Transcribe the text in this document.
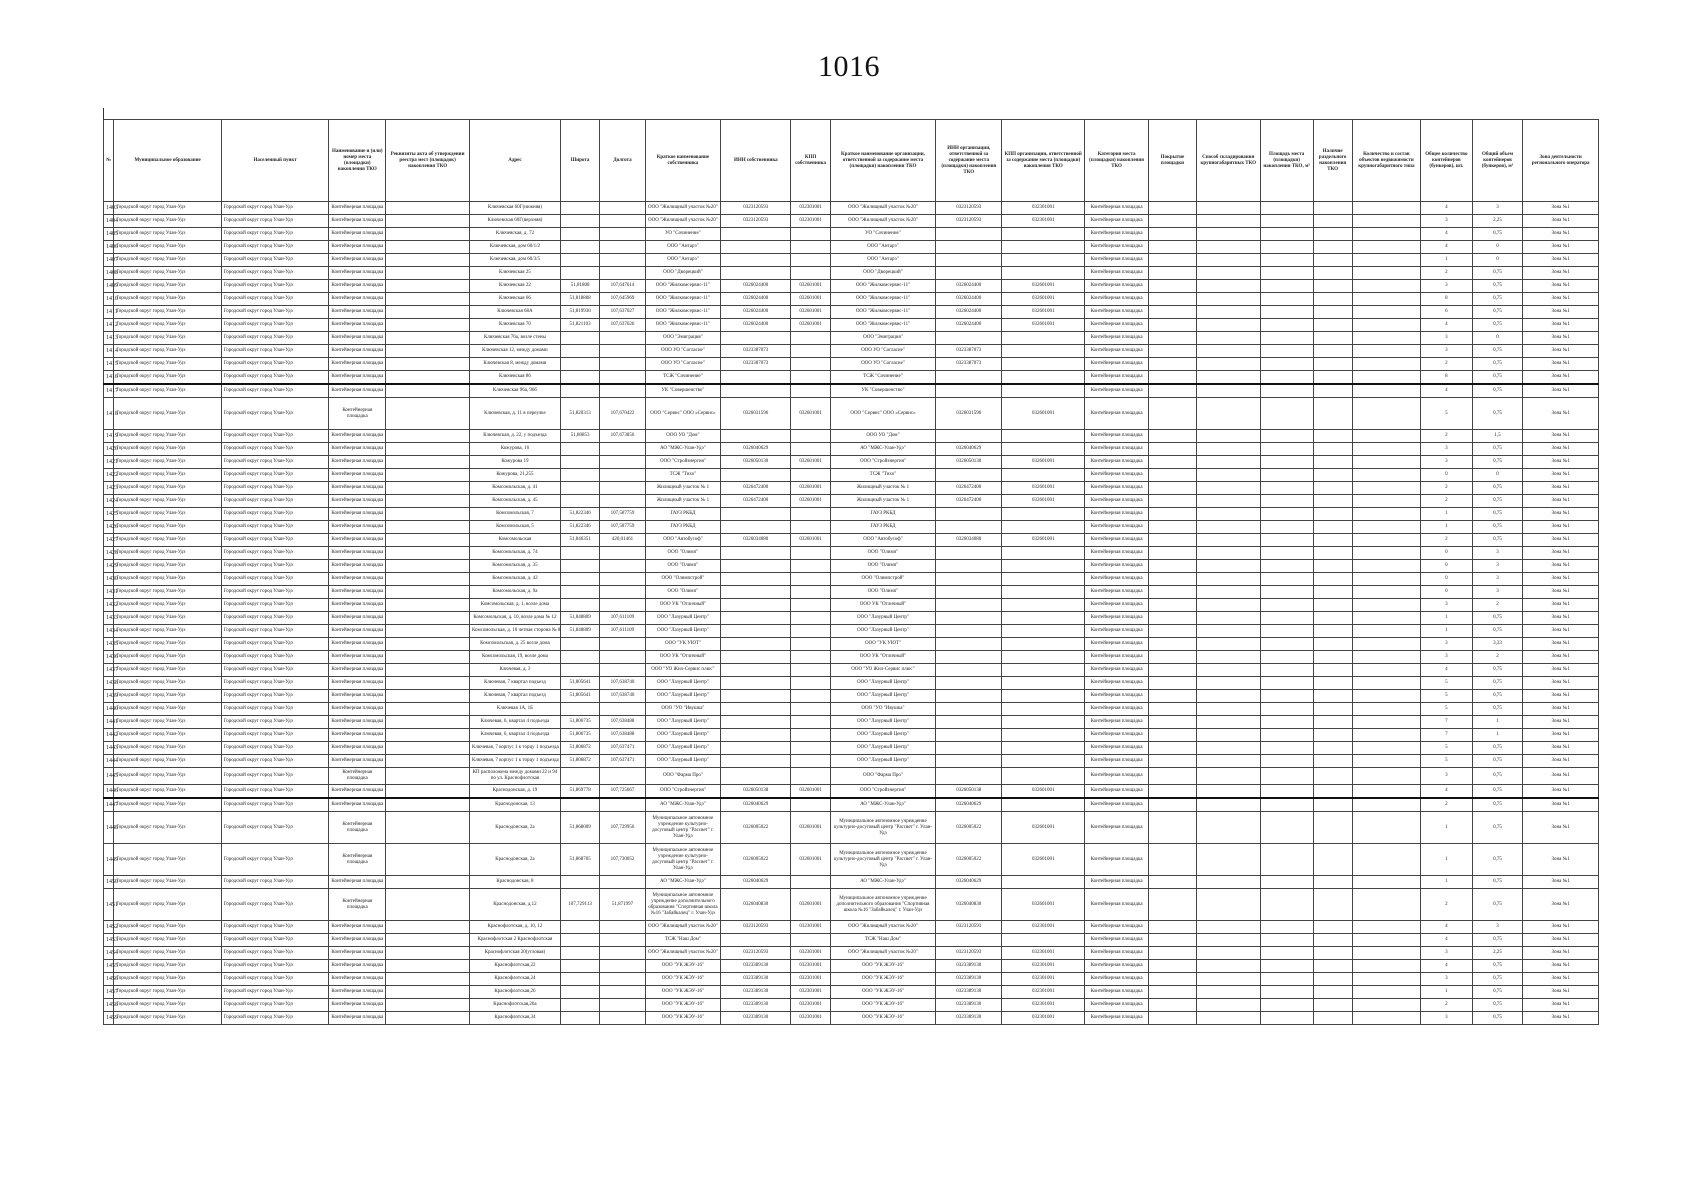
1016
№	Муниципальное образование	Населенный пункт	Наименование и (или) номер места (площадки) накопления ТКО	Реквизиты акта об утверждении реестра мест (площадок) накопления ТКО	Адрес	Широта	Долгота	Краткое наименование собственника	ИНН собственника	КПП собственника	Краткое наименование организации, ответственной за содержание места (площадки) накопления ТКО	ИНН организации, ответственной за содержание места (площадки) накопления ТКО	КПП организации, ответственной за содержание места (площадки) накопления ТКО	Категория места (площадки) накопления ТКО	Покрытие площадки	Способ складирования крупногабаритных ТКО	Площадь места (площадки) накопления ТКО, м²	Наличие раздельного накопления ТКО	Количество и состав объектов недвижимости крупногабаритного типа	Общее количество контейнеров (бункеров), шт.	Общий объем контейнеров (бункеров), м³	Зона деятельности регионального оператора
1403	Городской округ город Улан-Удэ	Городской округ город Улан-Удэ	Контейнерная площадка		Ключевская 60Г(нижняя)			ООО "Жилищный участок №20"	0323120593	032301001	ООО "Жилищный участок №20"	0323120593	032301001	Контейнерная площадка						4	3	Зона №1
1404	Городской округ город Улан-Удэ	Городской округ город Улан-Удэ	Контейнерная площадка		Ключевская 60Г(верхняя)			ООО "Жилищный участок №20"	0323120593	032301001	ООО "Жилищный участок №20"	0323120593	032301001	Контейнерная площадка						3	2,25	Зона №1
1405	Городской округ город Улан-Удэ	Городской округ город Улан-Удэ	Контейнерная площадка		Ключевская, д. 72			УО "Сочинение"			УО "Сочинение"			Контейнерная площадка						4	0,75	Зона №1
1406	Городской округ город Улан-Удэ	Городской округ город Улан-Удэ	Контейнерная площадка		Ключевская, дом 60/1/2			ООО "Антарэ"			ООО "Антарэ"			Контейнерная площадка						4	0	Зона №1
1407	Городской округ город Улан-Удэ	Городской округ город Улан-Удэ	Контейнерная площадка		Ключевская, дом 60/3/5			ООО "Антарэ"			ООО "Антарэ"			Контейнерная площадка						1	0	Зона №1
1408	Городской округ город Улан-Удэ	Городской округ город Улан-Удэ	Контейнерная площадка		Ключевская 25			ООО "Дворецкий"			ООО "Дворецкий"			Контейнерная площадка						2	0,75	Зона №1
1409	Городской округ город Улан-Удэ	Городской округ город Улан-Удэ	Контейнерная площадка		Ключевская 22	51,81808	107,647614	ООО "Жилкомсервис-11"	0326024400	032601001	ООО "Жилкомсервис-11"	0326024400	032601001	Контейнерная площадка						3	0,75	Зона №1
1410	Городской округ город Улан-Удэ	Городской округ город Улан-Удэ	Контейнерная площадка		Ключевская 66	51,818808	107,645969	ООО "Жилкомсервис-11"	0326024400	032601001	ООО "Жилкомсервис-11"	0326024400	032601001	Контейнерная площадка						8	0,75	Зона №1
1411	Городской округ город Улан-Удэ	Городской округ город Улан-Удэ	Контейнерная площадка		Ключевская 68А	51,819930	107,637027	ООО "Жилкомсервис-11"	0326024400	032601001	ООО "Жилкомсервис-11"	0326024400	032601001	Контейнерная площадка						6	0,75	Зона №1
1412	Городской округ город Улан-Удэ	Городской округ город Улан-Удэ	Контейнерная площадка		Ключевская 70	51,821103	107,637626	ООО "Жилкомсервис-11"	0326024400	032601001	ООО "Жилкомсервис-11"	0326024400	032601001	Контейнерная площадка						4	0,75	Зона №1
1413	Городской округ город Улан-Удэ	Городской округ город Улан-Удэ	Контейнерная площадка		Ключевская 76а, возле стены			ООО "Эмиграция"			ООО "Эмиграция"			Контейнерная площадка						3	0	Зона №1
1414	Городской округ город Улан-Удэ	Городской округ город Улан-Удэ	Контейнерная площадка		Ключевская 12, между домами			ООО УО "Согласие"	0323387073		ООО УО "Согласие"	0323387073		Контейнерная площадка						3	0,75	Зона №1
1415	Городской округ город Улан-Удэ	Городской округ город Улан-Удэ	Контейнерная площадка		Ключевская 8, между домами			ООО УО "Согласие"	0323387073		ООО УО "Согласие"	0323387073		Контейнерная площадка						2	0,75	Зона №1
1416	Городской округ город Улан-Удэ	Городской округ город Улан-Удэ	Контейнерная площадка		Ключевская 86			ТСЖ "Сочинение"			ТСЖ "Сочинение"			Контейнерная площадка						8	0,75	Зона №1
1417	Городской округ город Улан-Удэ	Городской округ город Улан-Удэ	Контейнерная площадка		Ключевская 96а, 96б			УК "Совершенство"			УК "Совершенство"			Контейнерная площадка						4	0,75	Зона №1
1418	Городской округ город Улан-Удэ	Городской округ город Улан-Удэ	Контейнерная площадка		Ключевская, д. 11 в переулке	51,820313	107,670422	ООО "Сервис" ООО «Сервис»	0326031596	032601001	ООО "Сервис" ООО «Сервис»	0326031596	032601001	Контейнерная площадка						5	0,75	Зона №1
1419	Городской округ город Улан-Удэ	Городской округ город Улан-Удэ	Контейнерная площадка		Ключевская, д. 22, у подъезда	51,80853	107,673856	ООО УО "Дом"			ООО УО "Дом"			Контейнерная площадка						2	1,5	Зона №1
1420	Городской округ город Улан-Удэ	Городской округ город Улан-Удэ	Контейнерная площадка		Кожурова, 16			АО "МЖС-Улан-Удэ"	0326040629		АО "МЖС-Улан-Удэ"	0326040629		Контейнерная площадка						3	0,75	Зона №1
1421	Городской округ город Улан-Удэ	Городской округ город Улан-Удэ	Контейнерная площадка		Кожурова 19			ООО "Стройэнергия"	0326050130	032601001	ООО "Стройэнергия"	0326050130	032601001	Контейнерная площадка						3	0,75	Зона №1
1422	Городской округ город Улан-Удэ	Городской округ город Улан-Удэ	Контейнерная площадка		Кожурова, 21,255			ТСЖ "Тихо"			ТСЖ "Тихо"			Контейнерная площадка						0	0	Зона №1
1423	Городской округ город Улан-Удэ	Городской округ город Улан-Удэ	Контейнерная площадка		Комсомольская, д. 41			Жилищный участок № 1	0326472400	032601001	Жилищный участок № 1	0326472400	032601001	Контейнерная площадка						2	0,75	Зона №1
1424	Городской округ город Улан-Удэ	Городской округ город Улан-Удэ	Контейнерная площадка		Комсомольская, д. 45			Жилищный участок № 1	0326472400	032601001	Жилищный участок № 1	0326472400	032601001	Контейнерная площадка						2	0,75	Зона №1
1425	Городской округ город Улан-Удэ	Городской округ город Улан-Удэ	Контейнерная площадка		Комсомольская, 7	51,822346	107,587759	ГАУЗ РКБД			ГАУЗ РКБД			Контейнерная площадка						1	0,75	Зона №1
1426	Городской округ город Улан-Удэ	Городской округ город Улан-Удэ	Контейнерная площадка		Комсомольская, 5	51,822346	107,587759	ГАУЗ РКБД			ГАУЗ РКБД			Контейнерная площадка						1	0,75	Зона №1
1427	Городской округ город Улан-Удэ	Городской округ город Улан-Удэ	Контейнерная площадка		Комсомольская	51,846351	420,01461	ООО "Автобусоф"	0326034080	032601001	ООО "Автобусоф"	0326034080	032601001	Контейнерная площадка						2	0,75	Зона №1
1428	Городской округ город Улан-Удэ	Городской округ город Улан-Удэ	Контейнерная площадка		Комсомольская, д. 74			ООО "Олимп"			ООО "Олимп"			Контейнерная площадка						0	3	Зона №1
1429	Городской округ город Улан-Удэ	Городской округ город Улан-Удэ	Контейнерная площадка		Комсомольская, д. 35			ООО "Олимп"			ООО "Олимп"			Контейнерная площадка						0	3	Зона №1
1430	Городской округ город Улан-Удэ	Городской округ город Улан-Удэ	Контейнерная площадка		Комсомольская, д. 42			ООО "Олимпстрой"			ООО "Олимпстрой"			Контейнерная площадка						0	3	Зона №1
1431	Городской округ город Улан-Удэ	Городской округ город Улан-Удэ	Контейнерная площадка		Комсомольская, д. 9а			ООО "Олимп"			ООО "Олимп"			Контейнерная площадка						0	3	Зона №1
1432	Городской округ город Улан-Удэ	Городской округ город Улан-Удэ	Контейнерная площадка		Комсомольская, д. 1, возле дома			ООО УК "Отличный"			ООО УК "Отличный"			Контейнерная площадка						3	2	Зона №1
1433	Городской округ город Улан-Удэ	Городской округ город Улан-Удэ	Контейнерная площадка		Комсомольская, д. 10, возле дома № 12	51,848809	107,611109	ООО "Лазурный Центр"			ООО "Лазурный Центр"			Контейнерная площадка						1	0,75	Зона №1
1434	Городской округ город Улан-Удэ	Городской округ город Улан-Удэ	Контейнерная площадка		Комсомольская, д. 10 четная сторона № 8	51,848809	107,611109	ООО "Лазурный Центр"			ООО "Лазурный Центр"			Контейнерная площадка						1	0,75	Зона №1
1435	Городской округ город Улан-Удэ	Городской округ город Улан-Удэ	Контейнерная площадка		Комсомольская, д. 25 возле дома			ООО "УК УЮТ"			ООО "УК УЮТ"			Контейнерная площадка						3	3,33	Зона №1
1436	Городской округ город Улан-Удэ	Городской округ город Улан-Удэ	Контейнерная площадка		Комсомольская, 19, возле дома			ООО УК "Отличный"			ООО УК "Отличный"			Контейнерная площадка						3	2	Зона №1
1437	Городской округ город Улан-Удэ	Городской округ город Улан-Удэ	Контейнерная площадка		Ключевая, д. 3			ООО "УО Жил-Сервис плюс"			ООО "УО Жил-Сервис плюс"			Контейнерная площадка						4	0,75	Зона №1
1438	Городской округ город Улан-Удэ	Городской округ город Улан-Удэ	Контейнерная площадка		Ключевая, 7 квартал подъезд	51,805641	107,638740	ООО "Лазурный Центр"			ООО "Лазурный Центр"			Контейнерная площадка						5	0,75	Зона №1
1439	Городской округ город Улан-Удэ	Городской округ город Улан-Удэ	Контейнерная площадка		Ключевая, 7 квартал подъезд	51,805641	107,638740	ООО "Лазурный Центр"			ООО "Лазурный Центр"			Контейнерная площадка						5	0,75	Зона №1
1440	Городской округ город Улан-Удэ	Городской округ город Улан-Удэ	Контейнерная площадка		Ключевая 1А, 1Б			ООО "УО "Ивушка"			ООО "УО "Ивушка"			Контейнерная площадка						5	0,75	Зона №1
1441	Городской округ город Улан-Удэ	Городской округ город Улан-Удэ	Контейнерная площадка		Ключевая, 6, квартал 4 подъезда	51,806735	107,638488	ООО "Лазурный Центр"			ООО "Лазурный Центр"			Контейнерная площадка						7	1	Зона №1
1442	Городской округ город Улан-Удэ	Городской округ город Улан-Удэ	Контейнерная площадка		Ключевая, 6, квартал 4 подъезда	51,806735	107,638488	ООО "Лазурный Центр"			ООО "Лазурный Центр"			Контейнерная площадка						7	1	Зона №1
1443	Городской округ город Улан-Удэ	Городской округ город Улан-Удэ	Контейнерная площадка		Ключевая, 7 корпус 1 к торцу 1 подъезда	51,806872	107,637471	ООО "Лазурный Центр"			ООО "Лазурный Центр"			Контейнерная площадка						5	0,75	Зона №1
1444	Городской округ город Улан-Удэ	Городской округ город Улан-Удэ	Контейнерная площадка		Ключевая, 7 корпус 1 к торцу 1 подъезда	51,806872	107,637471	ООО "Лазурный Центр"			ООО "Лазурный Центр"			Контейнерная площадка						5	0,75	Зона №1
1445	Городской округ город Улан-Удэ	Городской округ город Улан-Удэ	Контейнерная площадка		КП расположена между домами 22 и 94 по ул. Краснофлотская			ООО "Фарма Про"			ООО "Фарма Про"			Контейнерная площадка						3	0,75	Зона №1
1446	Городской округ город Улан-Удэ	Городской округ город Улан-Удэ	Контейнерная площадка		Краснодонская, д. 19	51,869778	107,725667	ООО "Стройэнергия"	0326050138	032601001	ООО "Стройэнергия"	0326050138	032601001	Контейнерная площадка						4	0,75	Зона №1
1447	Городской округ город Улан-Удэ	Городской округ город Улан-Удэ	Контейнерная площадка		Краснодонская, 13			АО "МЖС-Улан-Удэ"	0326040629		АО "МЖС-Улан-Удэ"	0326040629		Контейнерная площадка						2	0,75	Зона №1
1448	Городской округ город Улан-Удэ	Городской округ город Улан-Удэ	Контейнерная площадка		Краснодонская, 2а	51,868009	107,729956	Муниципальное автономное учреждение культурно-досуговый центр "Рассвет" г. Улан-Удэ	0326005022	032601001	Муниципальное автономное учреждение культурно-досуговый центр "Рассвет" г. Улан-Удэ	0326005022	032601001	Контейнерная площадка						1	0,75	Зона №1
1449	Городской округ город Улан-Удэ	Городской округ город Улан-Удэ	Контейнерная площадка		Краснодонская, 2а	51,868705	107,730052	Муниципальное автономное учреждение культурно-досуговый центр "Рассвет" г. Улан-Удэ	0326005022	032601001	Муниципальное автономное учреждение культурно-досуговый центр "Рассвет" г. Улан-Удэ	0326005022	032601001	Контейнерная площадка						1	0,75	Зона №1
1450	Городской округ город Улан-Удэ	Городской округ город Улан-Удэ	Контейнерная площадка		Краснодонская, 8			АО "МЖС-Улан-Удэ"	0326040629		АО "МЖС-Улан-Удэ"	0326040629		Контейнерная площадка						1	0,75	Зона №1
1451	Городской округ город Улан-Удэ	Городской округ город Улан-Удэ	Контейнерная площадка		Краснодонская, д.12	107,729113	51,871997	Муниципальное автономное учреждение дополнительного образования "Спортивная школа №16 "Забайкалец" г. Улан-Удэ	0326040830	032601001	Муниципальное автономное учреждение дополнительного образования "Спортивная школа №16 "Забайкалец" г. Улан-Удэ	0326040830	032601001	Контейнерная площадка						2	0,75	Зона №1
1452	Городской округ город Улан-Удэ	Городской округ город Улан-Удэ	Контейнерная площадка		Краснофлотская, д. 10, 12			ООО "Жилищный участок №20"	0323120593	032301001	ООО "Жилищный участок №20"	0323120593	032301001	Контейнерная площадка						4	3	Зона №1
1453	Городской округ город Улан-Удэ	Городской округ город Улан-Удэ	Контейнерная площадка		Краснофлотская 2 Краснофлотская			ТСЖ "Наш Дом"			ТСЖ "Наш Дом"			Контейнерная площадка						4	0,75	Зона №1
1454	Городской округ город Улан-Удэ	Городской округ город Улан-Удэ	Контейнерная площадка		Краснофлотская 20(угловая)			ООО "Жилищный участок №20"	0323120593	032301001	ООО "Жилищный участок №20"	0323120593	032301001	Контейнерная площадка						3	2,25	Зона №1
1455	Городской округ город Улан-Удэ	Городской округ город Улан-Удэ	Контейнерная площадка		Краснофлотская,22			ООО "УК ЖЭУ-16"	0323389130	032301001	ООО "УК ЖЭУ-16"	0323389130	032301001	Контейнерная площадка						4	0,75	Зона №1
1456	Городской округ город Улан-Удэ	Городской округ город Улан-Удэ	Контейнерная площадка		Краснофлотская,24			ООО "УК ЖЭУ-16"	0323389130	032301001	ООО "УК ЖЭУ-16"	0323389130	032301001	Контейнерная площадка						3	0,75	Зона №1
1457	Городской округ город Улан-Удэ	Городской округ город Улан-Удэ	Контейнерная площадка		Краснофлотская,26			ООО "УК ЖЭУ-16"	0323389130	032301001	ООО "УК ЖЭУ-16"	0323389130	032301001	Контейнерная площадка						1	0,75	Зона №1
1458	Городской округ город Улан-Удэ	Городской округ город Улан-Удэ	Контейнерная площадка		Краснофлотская,26а			ООО "УК ЖЭУ-16"	0323389130	032301001	ООО "УК ЖЭУ-16"	0323389130	032301001	Контейнерная площадка						2	0,75	Зона №1
1459	Городской округ город Улан-Удэ	Городской округ город Улан-Удэ	Контейнерная площадка		Краснофлотская,34			ООО "УК ЖЭУ-16"	0323389130	032301001	ООО "УК ЖЭУ-16"	0323389130	032301001	Контейнерная площадка						3	0,75	Зона №1
